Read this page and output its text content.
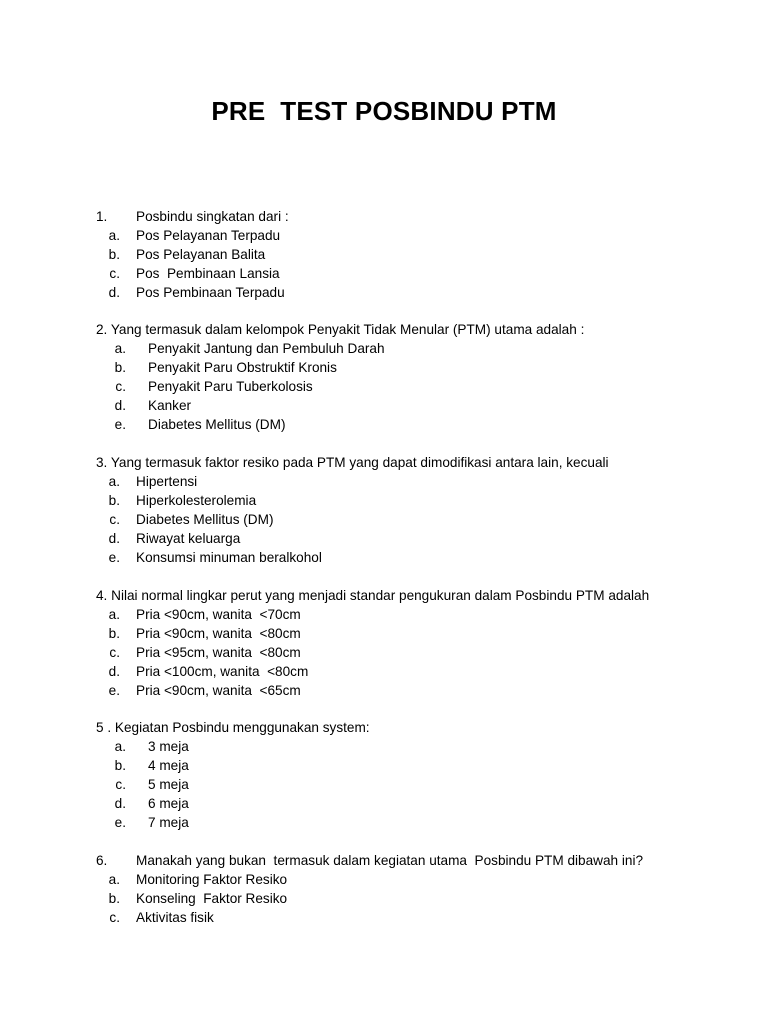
PRE  TEST POSBINDU PTM
1. Posbindu singkatan dari :
a. Pos Pelayanan Terpadu
b. Pos Pelayanan Balita
c. Pos  Pembinaan Lansia
d. Pos Pembinaan Terpadu
2. Yang termasuk dalam kelompok Penyakit Tidak Menular (PTM) utama adalah :
a. Penyakit Jantung dan Pembuluh Darah
b. Penyakit Paru Obstruktif Kronis
c. Penyakit Paru Tuberkolosis
d. Kanker
e. Diabetes Mellitus (DM)
3. Yang termasuk faktor resiko pada PTM yang dapat dimodifikasi antara lain, kecuali
a. Hipertensi
b. Hiperkolesterolemia
c. Diabetes Mellitus (DM)
d. Riwayat keluarga
e. Konsumsi minuman beralkohol
4. Nilai normal lingkar perut yang menjadi standar pengukuran dalam Posbindu PTM adalah
a. Pria <90cm, wanita  <70cm
b. Pria <90cm, wanita  <80cm
c. Pria <95cm, wanita  <80cm
d. Pria <100cm, wanita  <80cm
e. Pria <90cm, wanita  <65cm
5 . Kegiatan Posbindu menggunakan system:
a. 3 meja
b. 4 meja
c. 5 meja
d. 6 meja
e. 7 meja
6. Manakah yang bukan  termasuk dalam kegiatan utama  Posbindu PTM dibawah ini?
a. Monitoring Faktor Resiko
b. Konseling  Faktor Resiko
c. Aktivitas fisik
